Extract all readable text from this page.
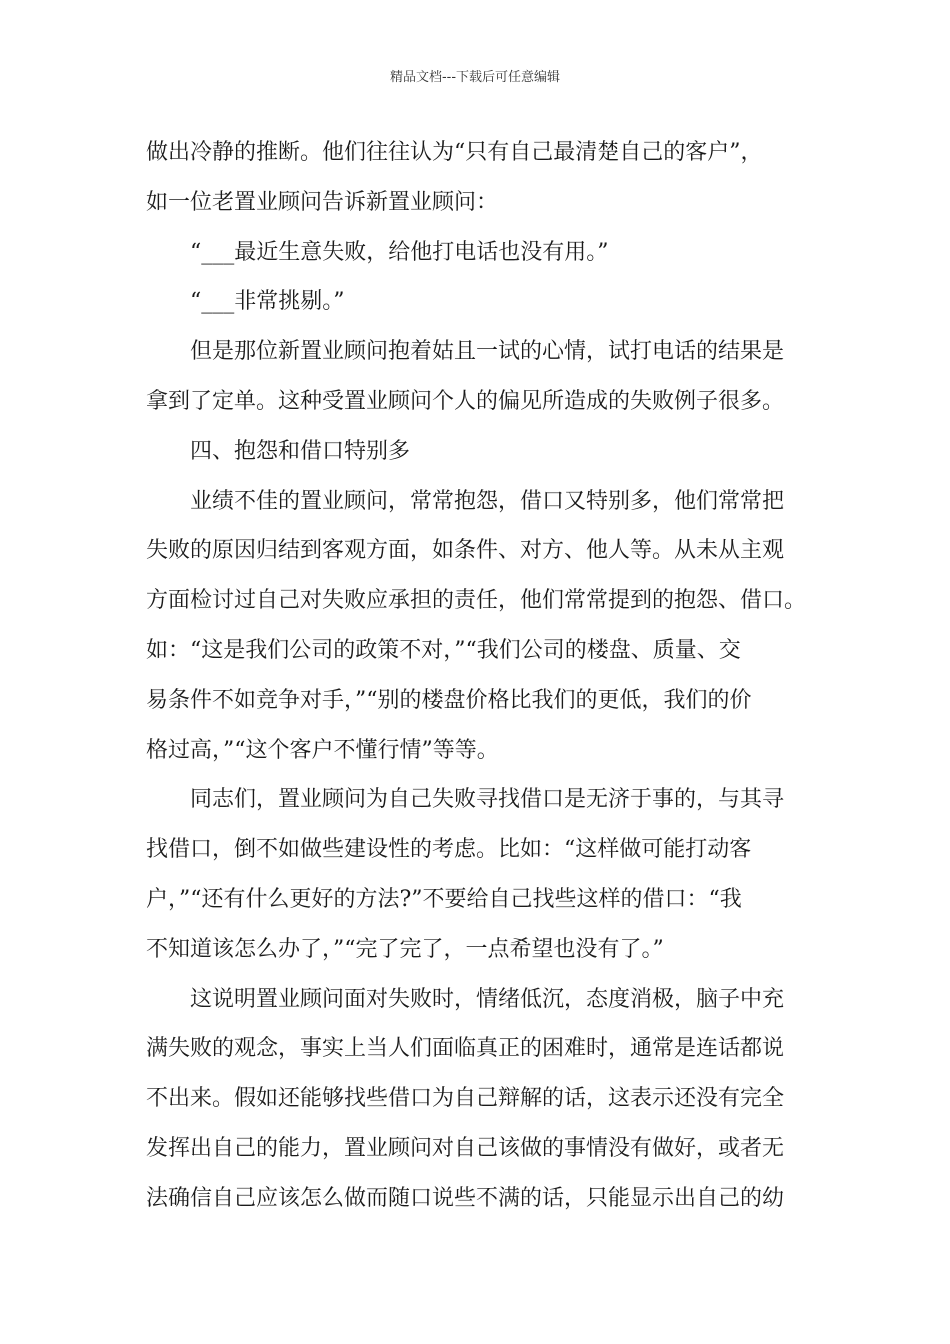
精品文档---下载后可任意编辑
做出冷静的推断。他们往往认为“只有自己最清楚自己的客户”，
如一位老置业顾问告诉新置业顾问：
“___最近生意失败，给他打电话也没有用。”
“___非常挑剔。”
但是那位新置业顾问抱着姑且一试的心情，试打电话的结果是
拿到了定单。这种受置业顾问个人的偏见所造成的失败例子很多。
四、抱怨和借口特别多
业绩不佳的置业顾问，常常抱怨，借口又特别多，他们常常把
失败的原因归结到客观方面，如条件、对方、他人等。从未从主观
方面检讨过自己对失败应承担的责任，他们常常提到的抱怨、借口。
如：“这是我们公司的政策不对，”“我们公司的楼盘、质量、交
易条件不如竞争对手，”“别的楼盘价格比我们的更低，我们的价
格过高，”“这个客户不懂行情”等等。
同志们，置业顾问为自己失败寻找借口是无济于事的，与其寻
找借口，倒不如做些建设性的考虑。比如：“这样做可能打动客
户，”“还有什么更好的方法?”不要给自己找些这样的借口：“我
不知道该怎么办了，”“完了完了，一点希望也没有了。”
这说明置业顾问面对失败时，情绪低沉，态度消极，脑子中充
满失败的观念，事实上当人们面临真正的困难时，通常是连话都说
不出来。假如还能够找些借口为自己辩解的话，这表示还没有完全
发挥出自己的能力，置业顾问对自己该做的事情没有做好，或者无
法确信自己应该怎么做而随口说些不满的话，只能显示出自己的幼
